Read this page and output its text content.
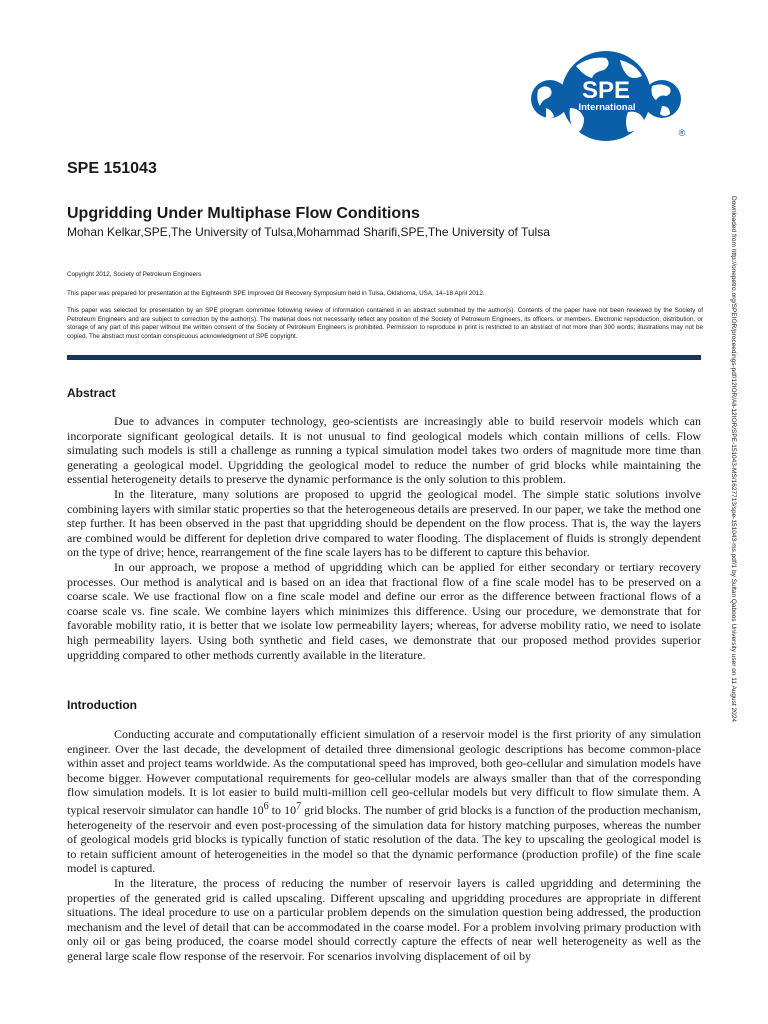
SPE
International
®
SPE 151043
Upgridding Under Multiphase Flow Conditions
Mohan Kelkar,SPE,The University of Tulsa,Mohammad Sharifi,SPE,The University of Tulsa
Copyright 2012, Society of Petroleum Engineers
This paper was prepared for presentation at the Eighteenth SPE Improved Oil Recovery Symposium held in Tulsa, Oklahoma, USA, 14–18 April 2012.
This paper was selected for presentation by an SPE program committee following review of information contained in an abstract submitted by the author(s). Contents of the paper have not been reviewed by the Society of Petroleum Engineers and are subject to correction by the author(s). The material does not necessarily reflect any position of the Society of Petroleum Engineers, its officers, or members. Electronic reproduction, distribution, or storage of any part of this paper without the written consent of the Society of Petroleum Engineers is prohibited. Permission to reproduce in print is restricted to an abstract of not more than 300 words; illustrations may not be copied. The abstract must contain conspicuous acknowledgment of SPE copyright.
Abstract

Due to advances in computer technology, geo-scientists are increasingly able to build reservoir models which can incorporate significant geological details. It is not unusual to find geological models which contain millions of cells. Flow simulating such models is still a challenge as running a typical simulation model takes two orders of magnitude more time than generating a geological model. Upgridding the geological model to reduce the number of grid blocks while maintaining the essential heterogeneity details to preserve the dynamic performance is the only solution to this problem.

In the literature, many solutions are proposed to upgrid the geological model. The simple static solutions involve combining layers with similar static properties so that the heterogeneous details are preserved. In our paper, we take the method one step further. It has been observed in the past that upgridding should be dependent on the flow process. That is, the way the layers are combined would be different for depletion drive compared to water flooding. The displacement of fluids is strongly dependent on the type of drive; hence, rearrangement of the fine scale layers has to be different to capture this behavior.

In our approach, we propose a method of upgridding which can be applied for either secondary or tertiary recovery processes. Our method is analytical and is based on an idea that fractional flow of a fine scale model has to be preserved on a coarse scale. We use fractional flow on a fine scale model and define our error as the difference between fractional flows of a coarse scale vs. fine scale. We combine layers which minimizes this difference. Using our procedure, we demonstrate that for favorable mobility ratio, it is better that we isolate low permeability layers; whereas, for adverse mobility ratio, we need to isolate high permeability layers. Using both synthetic and field cases, we demonstrate that our proposed method provides superior upgridding compared to other methods currently available in the literature.

Introduction

Conducting accurate and computationally efficient simulation of a reservoir model is the first priority of any simulation engineer. Over the last decade, the development of detailed three dimensional geologic descriptions has become common-place within asset and project teams worldwide. As the computational speed has improved, both geo-cellular and simulation models have become bigger. However computational requirements for geo-cellular models are always smaller than that of the corresponding flow simulation models. It is lot easier to build multi-million cell geo-cellular models but very difficult to flow simulate them. A typical reservoir simulator can handle $10^6$ to $10^7$ grid blocks. The number of grid blocks is a function of the production mechanism, heterogeneity of the reservoir and even post-processing of the simulation data for history matching purposes, whereas the number of geological models grid blocks is typically function of static resolution of the data. The key to upscaling the geological model is to retain sufficient amount of heterogeneities in the model so that the dynamic performance (production profile) of the fine scale model is captured.

In the literature, the process of reducing the number of reservoir layers is called upgridding and determining the properties of the generated grid is called upscaling. Different upscaling and upgridding procedures are appropriate in different situations. The ideal procedure to use on a particular problem depends on the simulation question being addressed, the production mechanism and the level of detail that can be accommodated in the coarse model. For a problem involving primary production with only oil or gas being produced, the coarse model should correctly capture the effects of near well heterogeneity as well as the general large scale flow response of the reservoir. For scenarios involving displacement of oil by

Downloaded from http://onepetro.org/SPEIOR/proceedings-pdf/12IOR/All-12IOR/SPE-151043-MS/1627713/spe-151043-ms.pdf/1 by Sultan Qaboos University user on 11 August 2024
